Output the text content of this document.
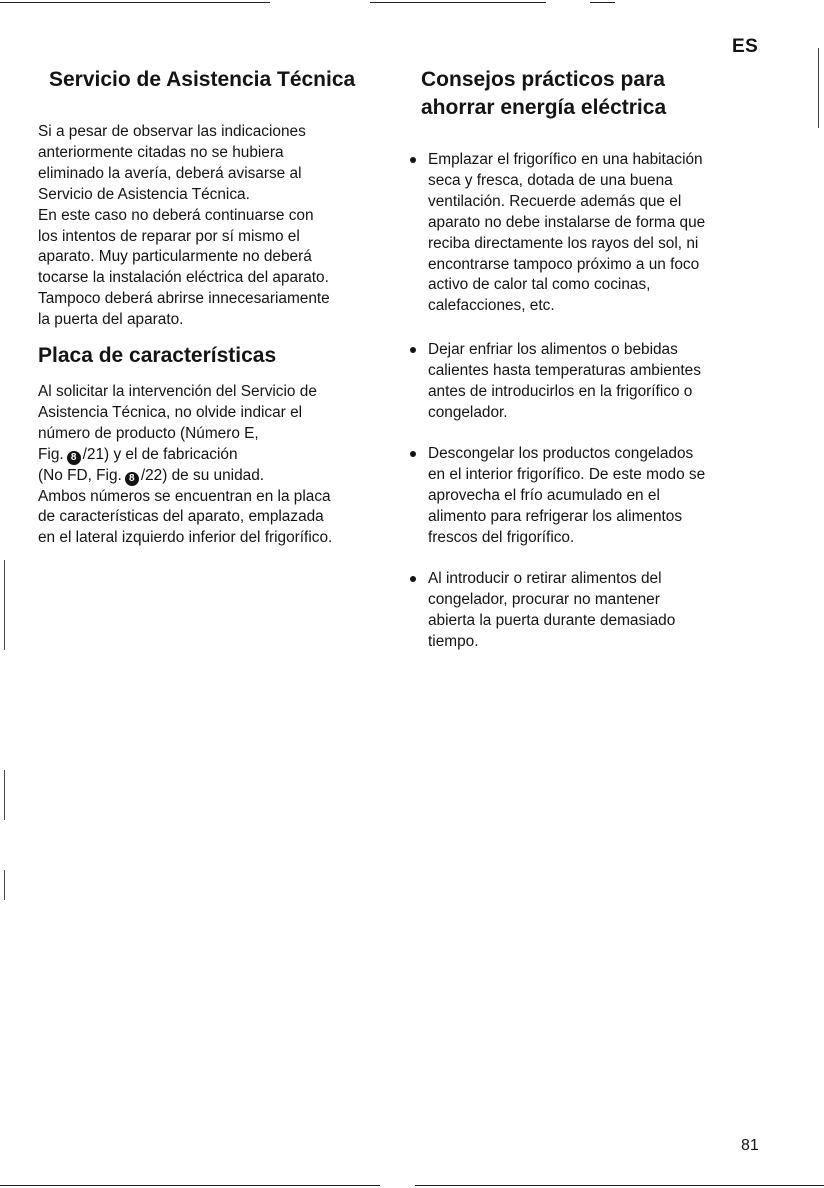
ES
Servicio de Asistencia Técnica
Si a pesar de observar las indicaciones
anteriormente citadas no se hubiera
eliminado la avería, deberá avisarse al
Servicio de Asistencia Técnica.
En este caso no deberá continuarse con
los intentos de reparar por sí mismo el
aparato. Muy particularmente no deberá
tocarse la instalación eléctrica del aparato.
Tampoco deberá abrirse innecesariamente
la puerta del aparato.
Placa de características
Al solicitar la intervención del Servicio de
Asistencia Técnica, no olvide indicar el
número de producto (Número E,
Fig. 8 /21) y el de fabricación
(No FD, Fig. 8 /22) de su unidad.
Ambos números se encuentran en la placa
de características del aparato, emplazada
en el lateral izquierdo inferior del frigorífico.
Consejos prácticos para
ahorrar energía eléctrica
Emplazar el frigorífico en una habitación
seca y fresca, dotada de una buena
ventilación. Recuerde además que el
aparato no debe instalarse de forma que
reciba directamente los rayos del sol, ni
encontrarse tampoco próximo a un foco
activo de calor tal como cocinas,
calefacciones, etc.
Dejar enfriar los alimentos o bebidas
calientes hasta temperaturas ambientes
antes de introducirlos en la frigorífico o
congelador.
Descongelar los productos congelados
en el interior frigorífico. De este modo se
aprovecha el frío acumulado en el
alimento para refrigerar los alimentos
frescos del frigorífico.
Al introducir o retirar alimentos del
congelador, procurar no mantener
abierta la puerta durante demasiado
tiempo.
81
